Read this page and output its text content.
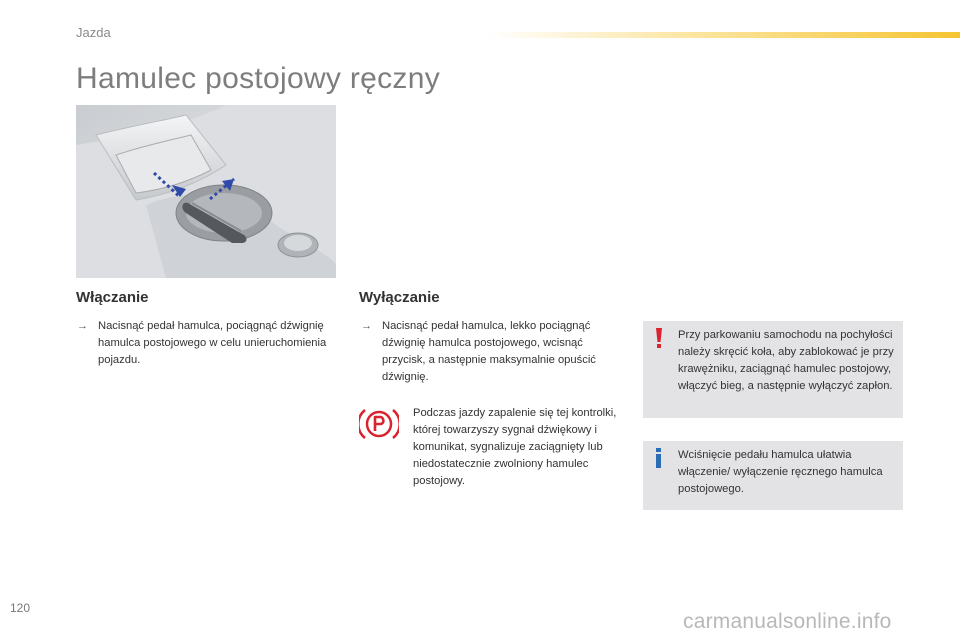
Jazda
Hamulec postojowy ręczny
Włączanie
→ Nacisnąć pedał hamulca, pociągnąć dźwignię hamulca postojowego w celu unieruchomienia pojazdu.
Wyłączanie
→ Nacisnąć pedał hamulca, lekko pociągnąć dźwignię hamulca postojowego, wcisnąć przycisk, a następnie maksymalnie opuścić dźwignię.
Podczas jazdy zapalenie się tej kontrolki, której towarzyszy sygnał dźwiękowy i komunikat, sygnalizuje zaciągnięty lub niedostatecznie zwolniony hamulec postojowy.
Przy parkowaniu samochodu na pochyłości należy skręcić koła, aby zablokować je przy krawężniku, zaciągnąć hamulec postojowy, włączyć bieg, a następnie wyłączyć zapłon.
Wciśnięcie pedału hamulca ułatwia włączenie/ wyłączenie ręcznego hamulca postojowego.
120
carmanualsonline.info
